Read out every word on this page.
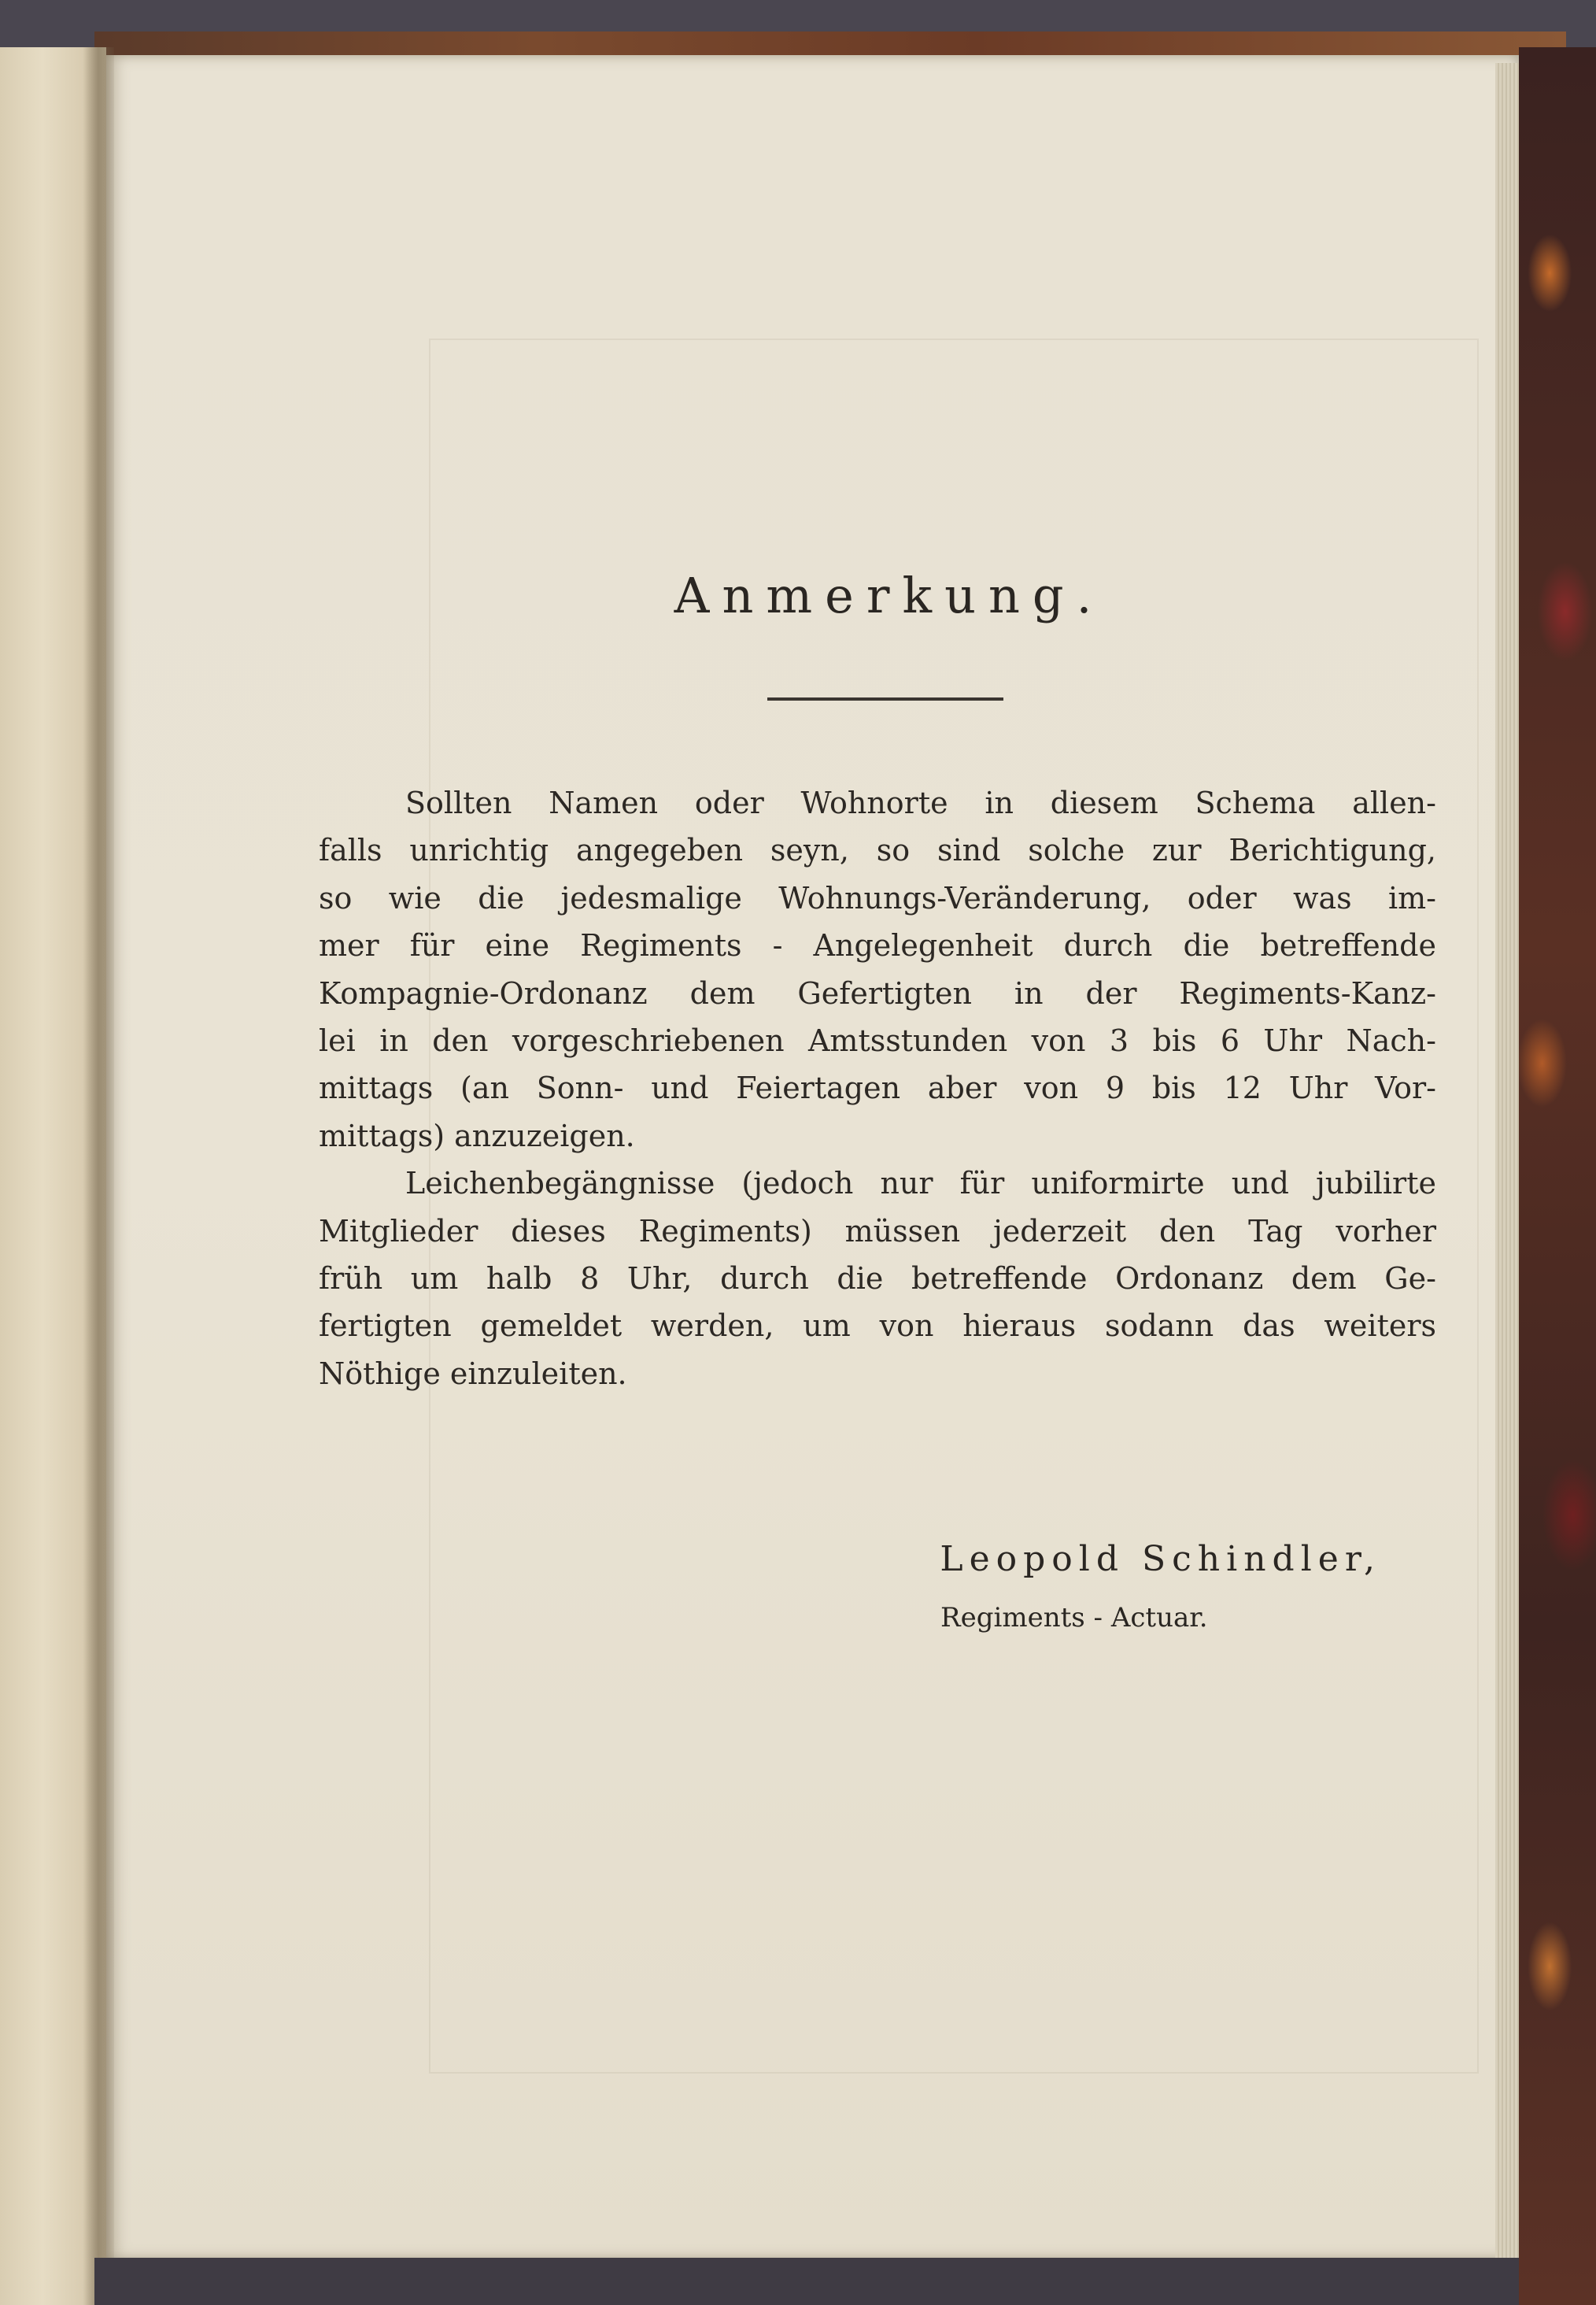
Anmerkung.

Sollten Namen oder Wohnorte in diesem Schema allen-
falls unrichtig angegeben seyn, so sind solche zur Berichtigung,
so wie die jedesmalige Wohnungs-Veränderung, oder was im-
mer für eine Regiments - Angelegenheit durch die betreffende
Kompagnie-Ordonanz dem Gefertigten in der Regiments-Kanz-
lei in den vorgeschriebenen Amtsstunden von 3 bis 6 Uhr Nach-
mittags (an Sonn- und Feiertagen aber von 9 bis 12 Uhr Vor-
mittags) anzuzeigen.

Leichenbegängnisse (jedoch nur für uniformirte und jubilirte
Mitglieder dieses Regiments) müssen jederzeit den Tag vorher
früh um halb 8 Uhr, durch die betreffende Ordonanz dem Ge-
fertigten gemeldet werden, um von hieraus sodann das weiters
Nöthige einzuleiten.

Leopold Schindler,
Regiments - Actuar.
